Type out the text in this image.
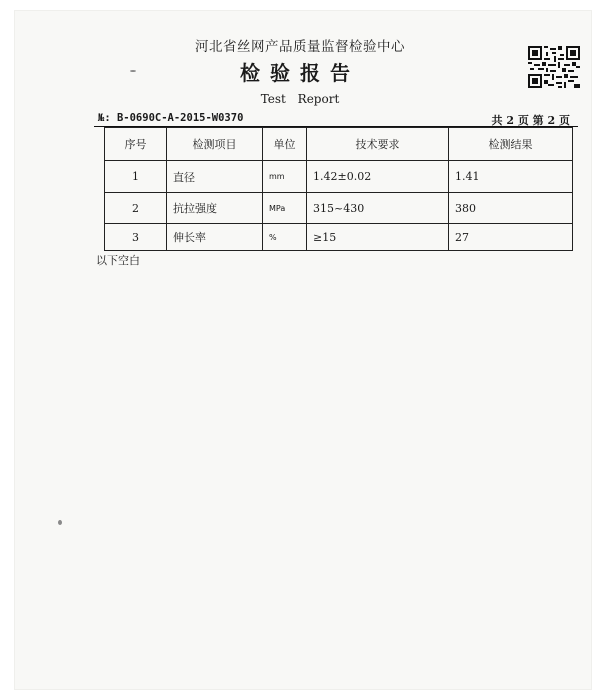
河北省丝网产品质量监督检验中心
检验报告
Test Report
№: B-0690C-A-2015-W0370	共 2 页 第 2 页
序号	检测项目	单位	技术要求	检测结果
1	直径	mm	1.42±0.02	1.41
2	抗拉强度	MPa	315~430	380
3	伸长率	%	≥15	27
以下空白
